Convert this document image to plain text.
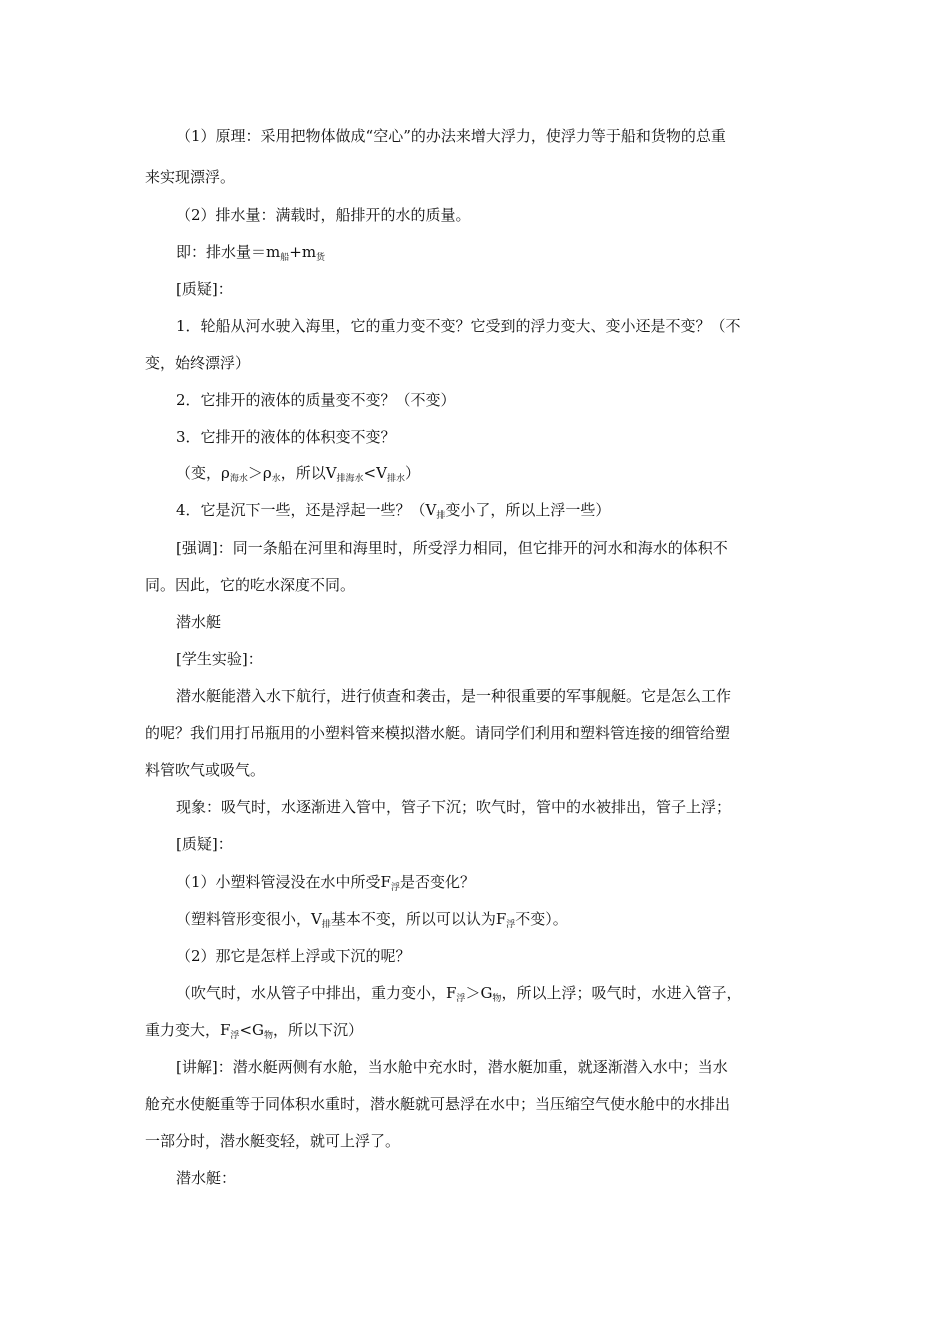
（1）原理：采用把物体做成“空心”的办法来增大浮力，使浮力等于船和货物的总重
来实现漂浮。
（2）排水量：满载时，船排开的水的质量。
即：排水量$=m_船+m_货$
[质疑]：
1．轮船从河水驶入海里，它的重力变不变？它受到的浮力变大、变小还是不变？（不
变，始终漂浮）
2．它排开的液体的质量变不变？（不变）
3．它排开的液体的体积变不变？
（变，$\rho_{海水}>\rho_水$，所以$V_{排海水}<V_{排水}$）
4．它是沉下一些，还是浮起一些？（$V_排$变小了，所以上浮一些）
[强调]：同一条船在河里和海里时，所受浮力相同，但它排开的河水和海水的体积不
同。因此，它的吃水深度不同。
潜水艇
[学生实验]：
潜水艇能潜入水下航行，进行侦查和袭击，是一种很重要的军事舰艇。它是怎么工作
的呢？我们用打吊瓶用的小塑料管来模拟潜水艇。请同学们利用和塑料管连接的细管给塑
料管吹气或吸气。
现象：吸气时，水逐渐进入管中，管子下沉；吹气时，管中的水被排出，管子上浮；
[质疑]：
（1）小塑料管浸没在水中所受$F_浮$是否变化？
（塑料管形变很小，$V_排$基本不变，所以可以认为$F_浮$不变）。
（2）那它是怎样上浮或下沉的呢？
（吹气时，水从管子中排出，重力变小，$F_浮>G_物$，所以上浮；吸气时，水进入管子，
重力变大，$F_浮<G_物$，所以下沉）
[讲解]：潜水艇两侧有水舱，当水舱中充水时，潜水艇加重，就逐渐潜入水中；当水
舱充水使艇重等于同体积水重时，潜水艇就可悬浮在水中；当压缩空气使水舱中的水排出
一部分时，潜水艇变轻，就可上浮了。
潜水艇：
